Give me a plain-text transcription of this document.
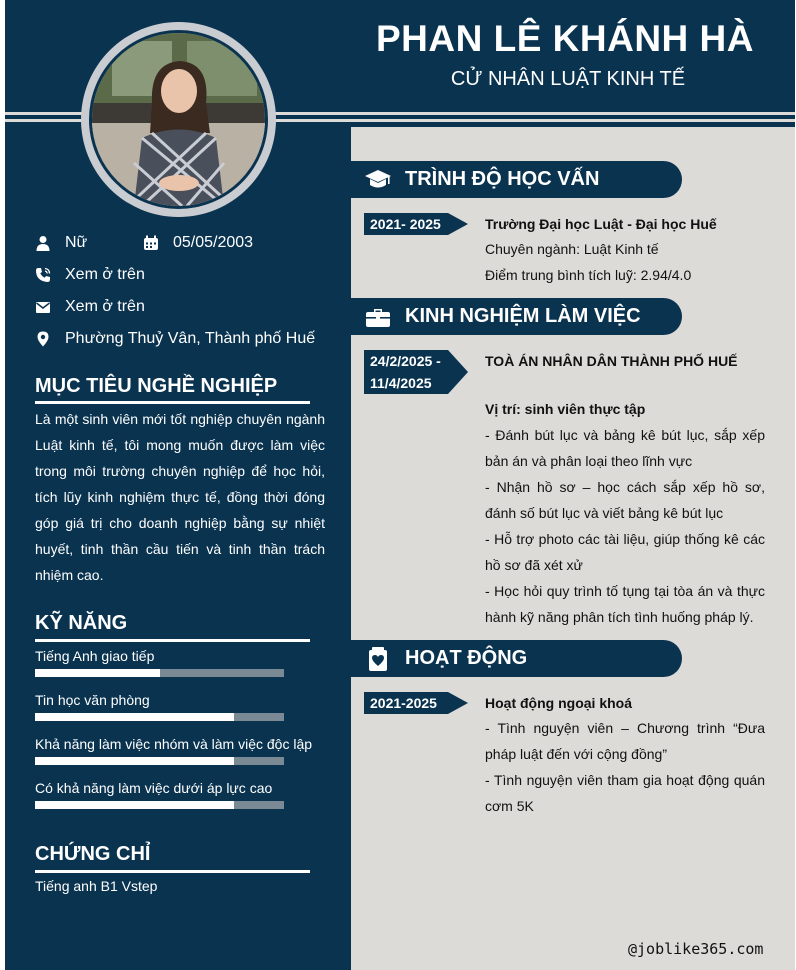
PHAN LÊ KHÁNH HÀ
CỬ NHÂN LUẬT KINH TẾ
Nữ	05/05/2003
Xem ở trên
Xem ở trên
Phường Thuỷ Vân, Thành phố Huế
MỤC TIÊU NGHỀ NGHIỆP
Là một sinh viên mới tốt nghiệp chuyên ngành Luật kinh tế, tôi mong muốn được làm việc trong môi trường chuyên nghiệp để học hỏi, tích lũy kinh nghiệm thực tế, đồng thời đóng góp giá trị cho doanh nghiệp bằng sự nhiệt huyết, tinh thần cầu tiến và tinh thần trách nhiệm cao.
KỸ NĂNG
Tiếng Anh giao tiếp
Tin học văn phòng
Khả năng làm việc nhóm và làm việc độc lập
Có khả năng làm việc dưới áp lực cao
CHỨNG CHỈ
Tiếng anh B1 Vstep
TRÌNH ĐỘ HỌC VẤN
2021- 2025	Trường Đại học Luật - Đại học Huế
Chuyên ngành: Luật Kinh tế
Điểm trung bình tích luỹ: 2.94/4.0
KINH NGHIỆM LÀM VIỆC
24/2/2025 -
11/4/2025
TOÀ ÁN NHÂN DÂN THÀNH PHỐ HUẾ
Vị trí: sinh viên thực tập
- Đánh bút lục và bảng kê bút lục, sắp xếp bản án và phân loại theo lĩnh vực
- Nhận hồ sơ – học cách sắp xếp hồ sơ, đánh số bút lục và viết bảng kê bút lục
- Hỗ trợ photo các tài liệu, giúp thống kê các hồ sơ đã xét xử
- Học hỏi quy trình tố tụng tại tòa án và thực hành kỹ năng phân tích tình huống pháp lý.
HOẠT ĐỘNG
2021-2025	Hoạt động ngoại khoá
- Tình nguyện viên – Chương trình “Đưa pháp luật đến với cộng đồng”
- Tình nguyện viên tham gia hoạt động quán cơm 5K
@joblike365.com
